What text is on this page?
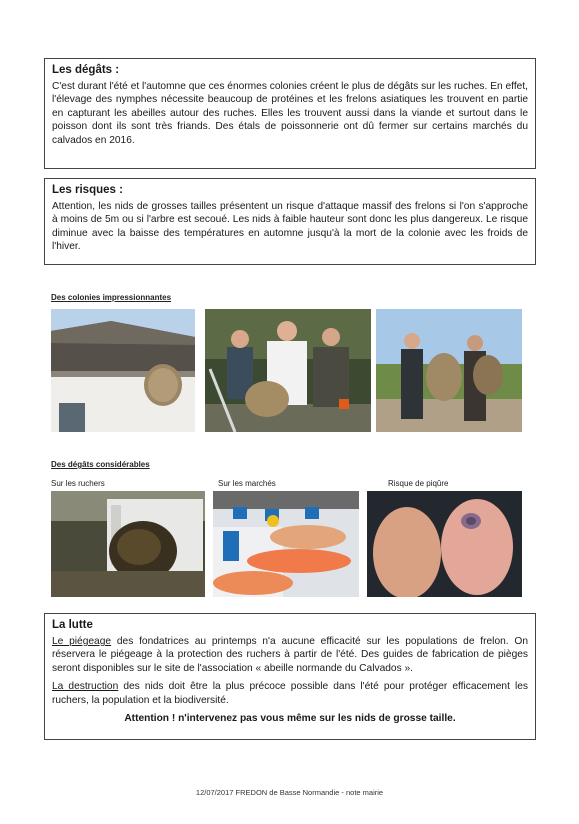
Les dégâts :

C'est durant l'été et l'automne que ces énormes colonies créent le plus de dégâts sur les ruches. En effet, l'élevage des nymphes nécessite beaucoup de protéines et les frelons asiatiques les trouvent en partie en capturant les abeilles autour des ruches. Elles les trouvent aussi dans la viande et surtout dans le poisson dont ils sont très friands. Des étals de poissonnerie ont dû fermer sur certains marchés du calvados en 2016.

Les risques :

Attention, les nids de grosses tailles présentent un risque d'attaque massif des frelons si l'on s'approche à moins de 5m ou si l'arbre est secoué. Les nids à faible hauteur sont donc les plus dangereux. Le risque diminue avec la baisse des températures en automne jusqu'à la mort de la colonie avec les froids de l'hiver.

Des colonies impressionnantes
Des dégâts considérables
Sur les ruchers	Sur les marchés	Risque de piqûre
La lutte

Le piégeage des fondatrices au printemps n'a aucune efficacité sur les populations de frelon. On réservera le piégeage à la protection des ruchers à partir de l'été. Des guides de fabrication de pièges seront disponibles sur le site de l'association « abeille normande du Calvados ».

La destruction des nids doit être la plus précoce possible dans l'été pour protéger efficacement les ruchers, la population et la biodiversité.

Attention ! n'intervenez pas vous même sur les nids de grosse taille.

12/07/2017 FREDON de Basse Normandie - note mairie
